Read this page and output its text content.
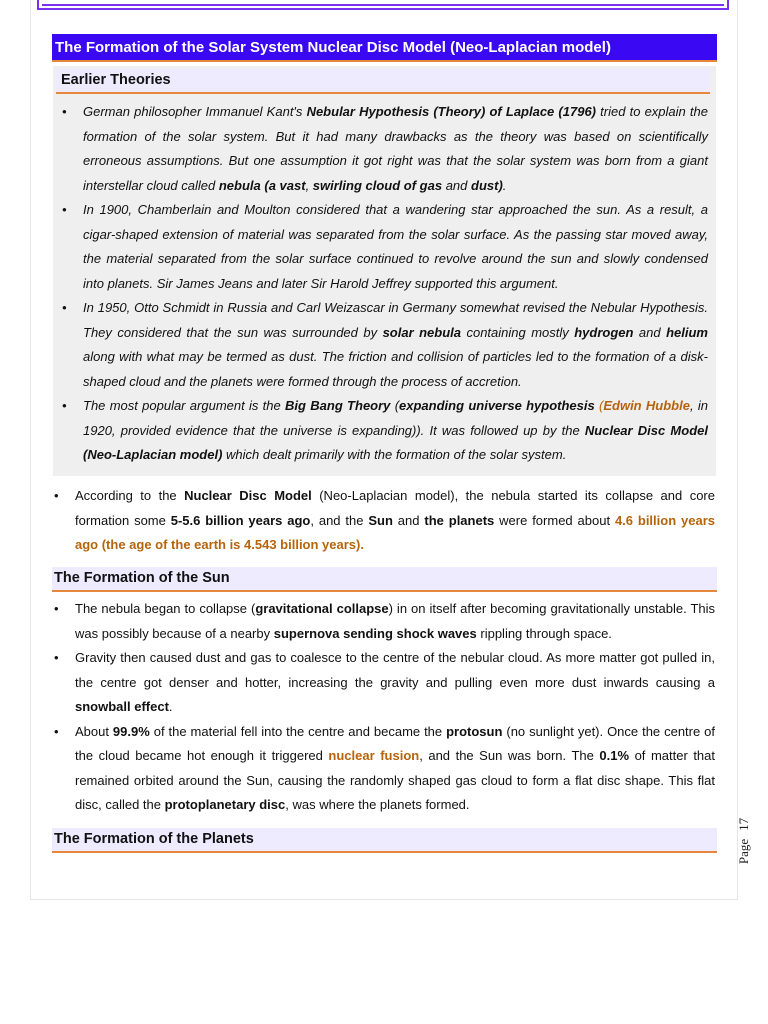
The Formation of the Solar System Nuclear Disc Model (Neo-Laplacian model)
Earlier Theories
• German philosopher Immanuel Kant's Nebular Hypothesis (Theory) of Laplace (1796) tried to explain the formation of the solar system. But it had many drawbacks as the theory was based on scientifically erroneous assumptions. But one assumption it got right was that the solar system was born from a giant interstellar cloud called nebula (a vast, swirling cloud of gas and dust).
• In 1900, Chamberlain and Moulton considered that a wandering star approached the sun. As a result, a cigar-shaped extension of material was separated from the solar surface. As the passing star moved away, the material separated from the solar surface continued to revolve around the sun and slowly condensed into planets. Sir James Jeans and later Sir Harold Jeffrey supported this argument.
• In 1950, Otto Schmidt in Russia and Carl Weizascar in Germany somewhat revised the Nebular Hypothesis. They considered that the sun was surrounded by solar nebula containing mostly hydrogen and helium along with what may be termed as dust. The friction and collision of particles led to the formation of a disk-shaped cloud and the planets were formed through the process of accretion.
• The most popular argument is the Big Bang Theory (expanding universe hypothesis (Edwin Hubble, in 1920, provided evidence that the universe is expanding)). It was followed up by the Nuclear Disc Model (Neo-Laplacian model) which dealt primarily with the formation of the solar system.
• According to the Nuclear Disc Model (Neo-Laplacian model), the nebula started its collapse and core formation some 5-5.6 billion years ago, and the Sun and the planets were formed about 4.6 billion years ago (the age of the earth is 4.543 billion years).
The Formation of the Sun
• The nebula began to collapse (gravitational collapse) in on itself after becoming gravitationally unstable. This was possibly because of a nearby supernova sending shock waves rippling through space.
• Gravity then caused dust and gas to coalesce to the centre of the nebular cloud. As more matter got pulled in, the centre got denser and hotter, increasing the gravity and pulling even more dust inwards causing a snowball effect.
• About 99.9% of the material fell into the centre and became the protosun (no sunlight yet). Once the centre of the cloud became hot enough it triggered nuclear fusion, and the Sun was born. The 0.1% of matter that remained orbited around the Sun, causing the randomly shaped gas cloud to form a flat disc shape. This flat disc, called the protoplanetary disc, was where the planets formed.
The Formation of the Planets	Page17
